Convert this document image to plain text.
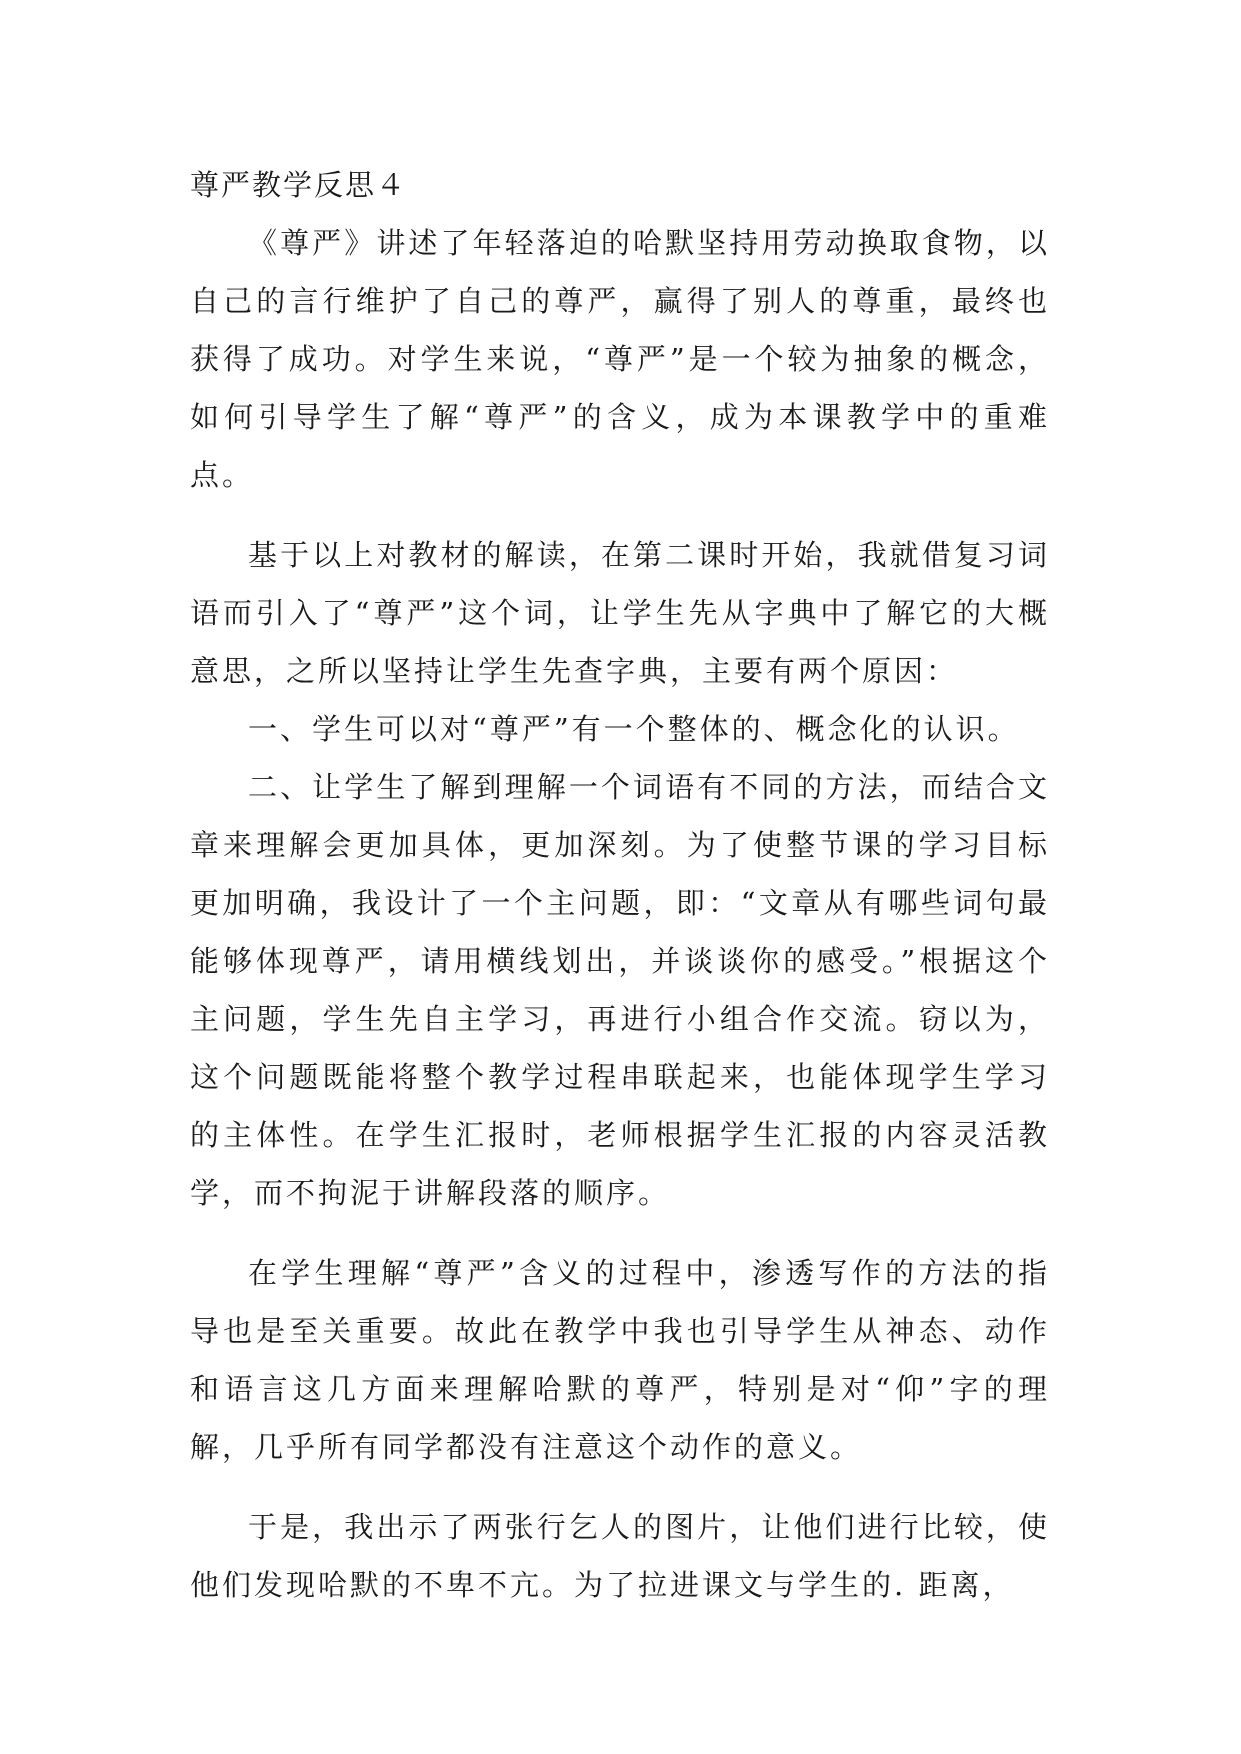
尊严教学反思４

《尊严》讲述了年轻落迫的哈默坚持用劳动换取食物，以自己的言行维护了自己的尊严，赢得了别人的尊重，最终也获得了成功。对学生来说，“尊严”是一个较为抽象的概念，如何引导学生了解“尊严”的含义，成为本课教学中的重难点。

基于以上对教材的解读，在第二课时开始，我就借复习词语而引入了“尊严”这个词，让学生先从字典中了解它的大概意思，之所以坚持让学生先查字典，主要有两个原因：

一、学生可以对“尊严”有一个整体的、概念化的认识。

二、让学生了解到理解一个词语有不同的方法，而结合文章来理解会更加具体，更加深刻。为了使整节课的学习目标更加明确，我设计了一个主问题，即：“文章从有哪些词句最能够体现尊严，请用横线划出，并谈谈你的感受。”根据这个主问题，学生先自主学习，再进行小组合作交流。窃以为，这个问题既能将整个教学过程串联起来，也能体现学生学习的主体性。在学生汇报时，老师根据学生汇报的内容灵活教学，而不拘泥于讲解段落的顺序。

在学生理解“尊严”含义的过程中，渗透写作的方法的指导也是至关重要。故此在教学中我也引导学生从神态、动作和语言这几方面来理解哈默的尊严，特别是对“仰”字的理解，几乎所有同学都没有注意这个动作的意义。

于是，我出示了两张行乞人的图片，让他们进行比较，使他们发现哈默的不卑不亢。为了拉进课文与学生的. 距离，
